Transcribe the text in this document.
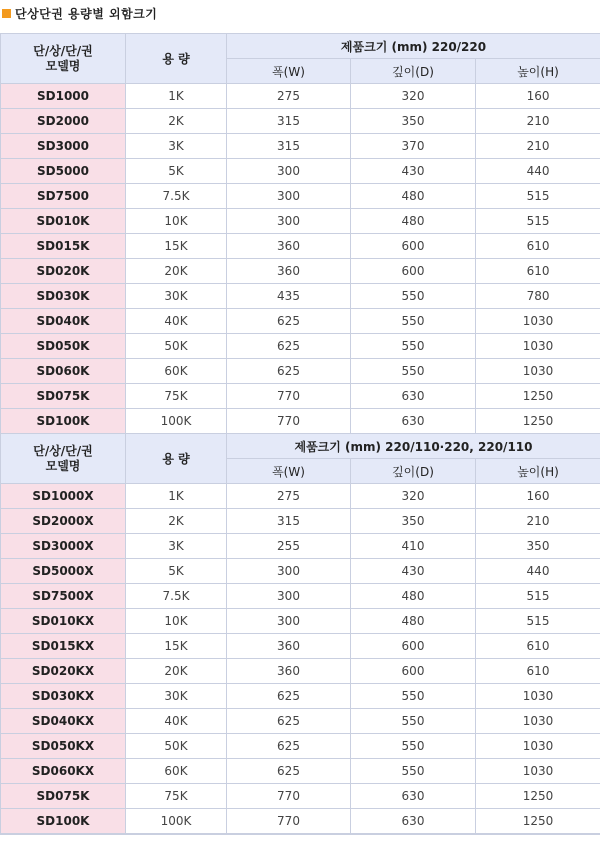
단상단권 용량별 외함크기
단/상/단/권
모델명	용 량	제품크기 (mm) 220/220		
		폭(W)	깊이(D)	높이(H)
SD1000	1K	275	320	160
SD2000	2K	315	350	210
SD3000	3K	315	370	210
SD5000	5K	300	430	440
SD7500	7.5K	300	480	515
SD010K	10K	300	480	515
SD015K	15K	360	600	610
SD020K	20K	360	600	610
SD030K	30K	435	550	780
SD040K	40K	625	550	1030
SD050K	50K	625	550	1030
SD060K	60K	625	550	1030
SD075K	75K	770	630	1250
SD100K	100K	770	630	1250
단/상/단/권
모델명	용 량	제품크기 (mm) 220/110·220, 220/110		
		폭(W)	깊이(D)	높이(H)
SD1000X	1K	275	320	160
SD2000X	2K	315	350	210
SD3000X	3K	255	410	350
SD5000X	5K	300	430	440
SD7500X	7.5K	300	480	515
SD010KX	10K	300	480	515
SD015KX	15K	360	600	610
SD020KX	20K	360	600	610
SD030KX	30K	625	550	1030
SD040KX	40K	625	550	1030
SD050KX	50K	625	550	1030
SD060KX	60K	625	550	1030
SD075K	75K	770	630	1250
SD100K	100K	770	630	1250
